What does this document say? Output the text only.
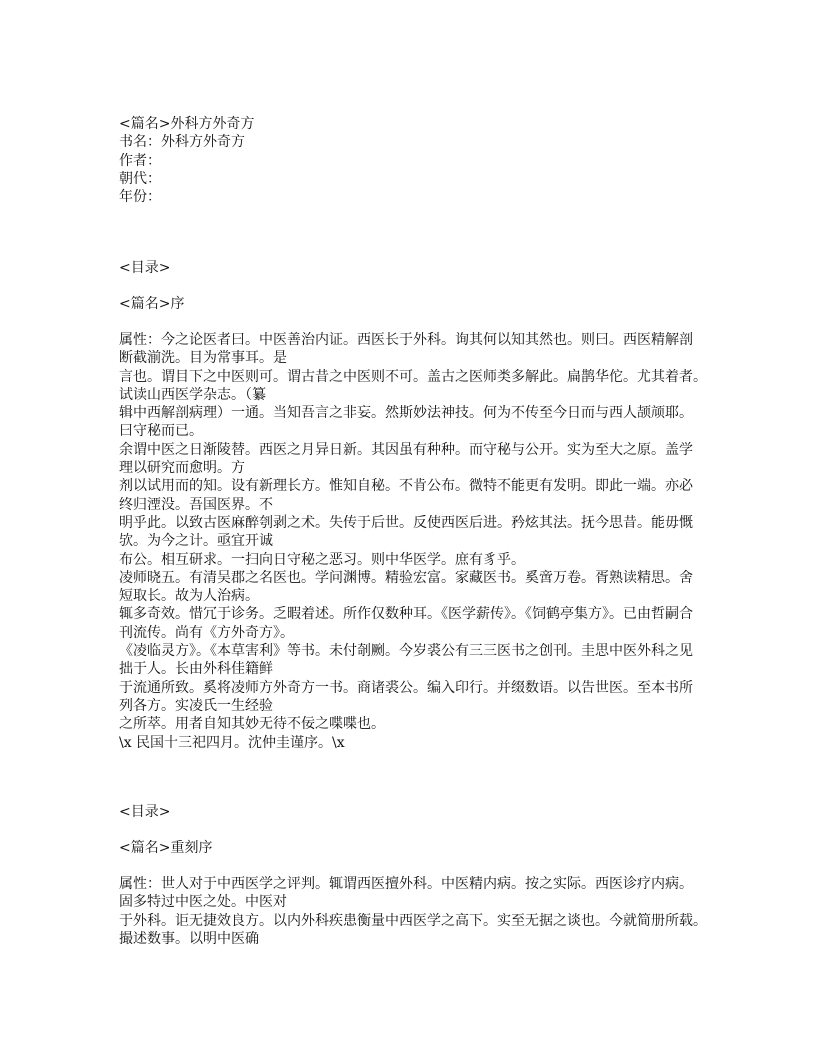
<篇名>外科方外奇方
书名：外科方外奇方
作者：
朝代：
年份：
<目录>
<篇名>序
属性：今之论医者曰。中医善治内证。西医长于外科。询其何以知其然也。则曰。西医精解剖
断截湔洗。目为常事耳。是
言也。谓目下之中医则可。谓古昔之中医则不可。盖古之医师类多解此。扁鹊华佗。尤其着者。
试读山西医学杂志。（纂
辑中西解剖病理）一通。当知吾言之非妄。然斯妙法神技。何为不传至今日而与西人颉颃耶。
曰守秘而已。
余谓中医之日渐陵替。西医之月异日新。其因虽有种种。而守秘与公开。实为至大之原。盖学
理以研究而愈明。方
剂以试用而的知。设有新理长方。惟知自秘。不肯公布。微特不能更有发明。即此一端。亦必
终归湮没。吾国医界。不
明乎此。以致古医麻醉刳剥之术。失传于后世。反使西医后进。矜炫其法。抚今思昔。能毋慨
欤。为今之计。亟宜开诚
布公。相互研求。一扫向日守秘之恶习。则中华医学。庶有豸乎。
凌师晓五。有清吴郡之名医也。学问渊博。精验宏富。家藏医书。奚啻万卷。胥熟读精思。舍
短取长。故为人治病。
辄多奇效。惜冗于诊务。乏暇着述。所作仅数种耳。《医学薪传》。《饲鹤亭集方》。已由哲嗣合
刊流传。尚有《方外奇方》。
《凌临灵方》。《本草害利》等书。未付剞劂。今岁裘公有三三医书之创刊。圭思中医外科之见
拙于人。长由外科佳籍鲜
于流通所致。奚将凌师方外奇方一书。商诸裘公。编入印行。并缀数语。以告世医。至本书所
列各方。实凌氏一生经验
之所萃。用者自知其妙无待不佞之喋喋也。
\x 民国十三祀四月。沈仲圭谨序。\x
<目录>
<篇名>重刻序
属性：世人对于中西医学之评判。辄谓西医擅外科。中医精内病。按之实际。西医诊疗内病。
固多特过中医之处。中医对
于外科。讵无捷效良方。以内外科疾患衡量中西医学之高下。实至无据之谈也。今就简册所载。
撮述数事。以明中医确
